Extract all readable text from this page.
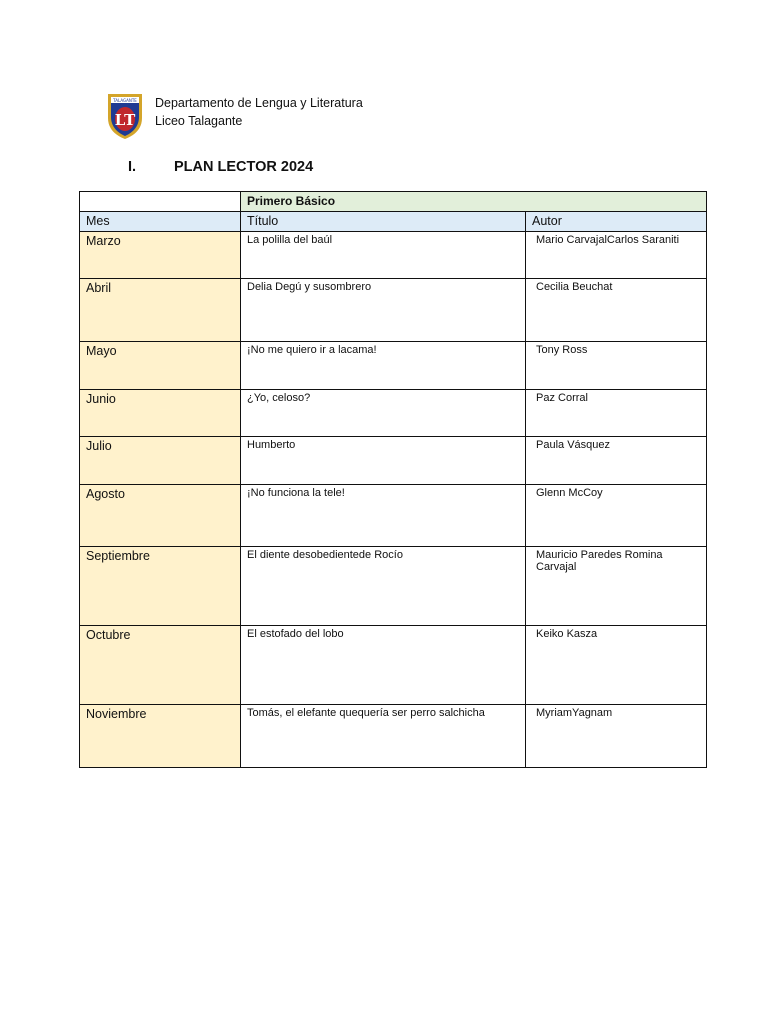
TALAGANTE
LT
Departamento de Lengua y Literatura
Liceo Talagante
I.	PLAN LECTOR 2024
	Primero Básico	
Mes	Título	Autor
Marzo	La polilla del baúl	Mario CarvajalCarlos Saraniti
Abril	Delia Degú y susombrero	Cecilia Beuchat
Mayo	¡No me quiero ir a lacama!	Tony Ross
Junio	¿Yo, celoso?	Paz Corral
Julio	Humberto	Paula Vásquez
Agosto	¡No funciona la tele!	Glenn McCoy
Septiembre	El diente desobedientede Rocío	Mauricio Paredes Romina Carvajal
Octubre	El estofado del lobo	Keiko Kasza
Noviembre	Tomás, el elefante quequería ser perro salchicha	MyriamYagnam
